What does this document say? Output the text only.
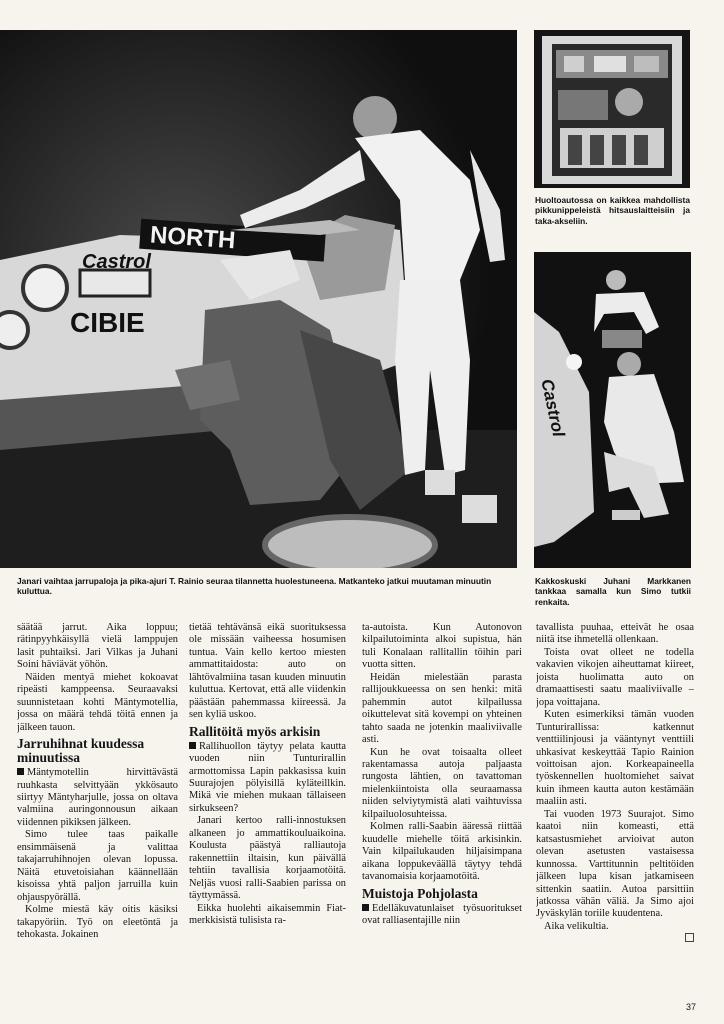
NORTH
Castrol
CIBIE

Huoltoautossa on kaikkea mahdollista pikkunippeleistä hitsauslaitteisiin ja taka-akseliin.

Castrol

Janari vaihtaa jarrupaloja ja pika-ajuri T. Rainio seuraa tilannetta huolestuneena. Matkanteko jatkui muutaman minuutin kuluttua.

Kakkoskuski Juhani Markkanen tankkaa samalla kun Simo tutkii renkaita.

säätää jarrut. Aika loppuu; rätinpyyhkäisyllä vielä lamppujen lasit puhtaiksi. Jari Vilkas ja Juhani Soini häviävät yöhön.

Näiden mentyä miehet kokoavat ripeästi kamppeensa. Seuraavaksi suunnistetaan kohti Mäntymotellia, jossa on määrä tehdä töitä ennen ja jälkeen tauon.

Jarruhihnat kuudessa minuutissa

Mäntymotellin hirvittävästä ruuhkasta selvittyään ykkösauto siirtyy Mäntyharjulle, jossa on oltava valmiina auringonnousun aikaan viidennen pikiksen jälkeen.

Simo tulee taas paikalle ensimmäisenä ja valittaa takajarruhihnojen olevan lopussa. Näitä etuvetoisiahan käännellään kisoissa yhtä paljon jarruilla kuin ohjauspyörällä.

Kolme miestä käy oitis käsiksi takapyöriin. Työ on eleetöntä ja tehokasta. Jokainen

tietää tehtävänsä eikä suorituksessa ole missään vaiheessa hosumisen tuntua. Vain kello kertoo miesten ammattitaidosta: auto on lähtövalmiina tasan kuuden minuutin kuluttua. Kertovat, että alle viidenkin päästään pahemmassa kiireessä. Ja sen kyliä uskoo.

Rallitöitä myös arkisin

Rallihuollon täytyy pelata kautta vuoden niin Tunturirallin armottomissa Lapin pakkasissa kuin Suurajojen pölyisillä kyläteillkin. Mikä vie miehen mukaan tällaiseen sirkukseen?

Janari kertoo ralli-innostuksen alkaneen jo ammattikouluaikoina. Koulusta päästyä ralliautoja rakennettiin iltaisin, kun päivällä tehtiin tavallisia korjaamotöitä. Neljäs vuosi ralli-Saabien parissa on täyttymässä.

Eikka huolehti aikaisemmin Fiat-merkkisistä tulisista ra-

ta-autoista. Kun Autonovon kilpailutoiminta alkoi supistua, hän tuli Konalaan rallitallin töihin pari vuotta sitten.

Heidän mielestään parasta rallijoukkueessa on sen henki: mitä pahemmin autot kilpailussa oikuttelevat sitä kovempi on yhteinen tahto saada ne jotenkin maaliviivalle asti.

Kun he ovat toisaalta olleet rakentamassa autoja paljaasta rungosta lähtien, on tavattoman mielenkiintoista olla seuraamassa niiden selviytymistä alati vaihtuvissa kilpailuolosuhteissa.

Kolmen ralli-Saabin ääressä riittää kuudelle miehelle töitä arkisinkin. Vain kilpailukauden hiljaisimpana aikana loppukeväällä täytyy tehdä tavanomaisia korjaamotöitä.

Muistoja Pohjolasta

Edelläkuvatunlaiset työsuoritukset ovat ralliasentajille niin

tavallista puuhaa, etteivät he osaa niitä itse ihmetellä ollenkaan.

Toista ovat olleet ne todella vakavien vikojen aiheuttamat kiireet, joista huolimatta auto on dramaattisesti saatu maaliviivalle – jopa voittajana.

Kuten esimerkiksi tämän vuoden Tunturirallissa: katkennut venttiilinjousi ja vääntynyt venttiili uhkasivat keskeyttää Tapio Rainion voittoisan ajon. Korkeapaineella työskennellen huoltomiehet saivat kuin ihmeen kautta auton kestämään maaliin asti.

Tai vuoden 1973 Suurajot. Simo kaatoi niin komeasti, että katsastusmiehet arvioivat auton olevan asetusten vastaisessa kunnossa. Varttitunnin peltitöiden jälkeen lupa kisan jatkamiseen sittenkin saatiin. Autoa parsittiin jatkossa vähän väliä. Ja Simo ajoi Jyväskylän toriile kuudentena.

Aika velikultia.

37
